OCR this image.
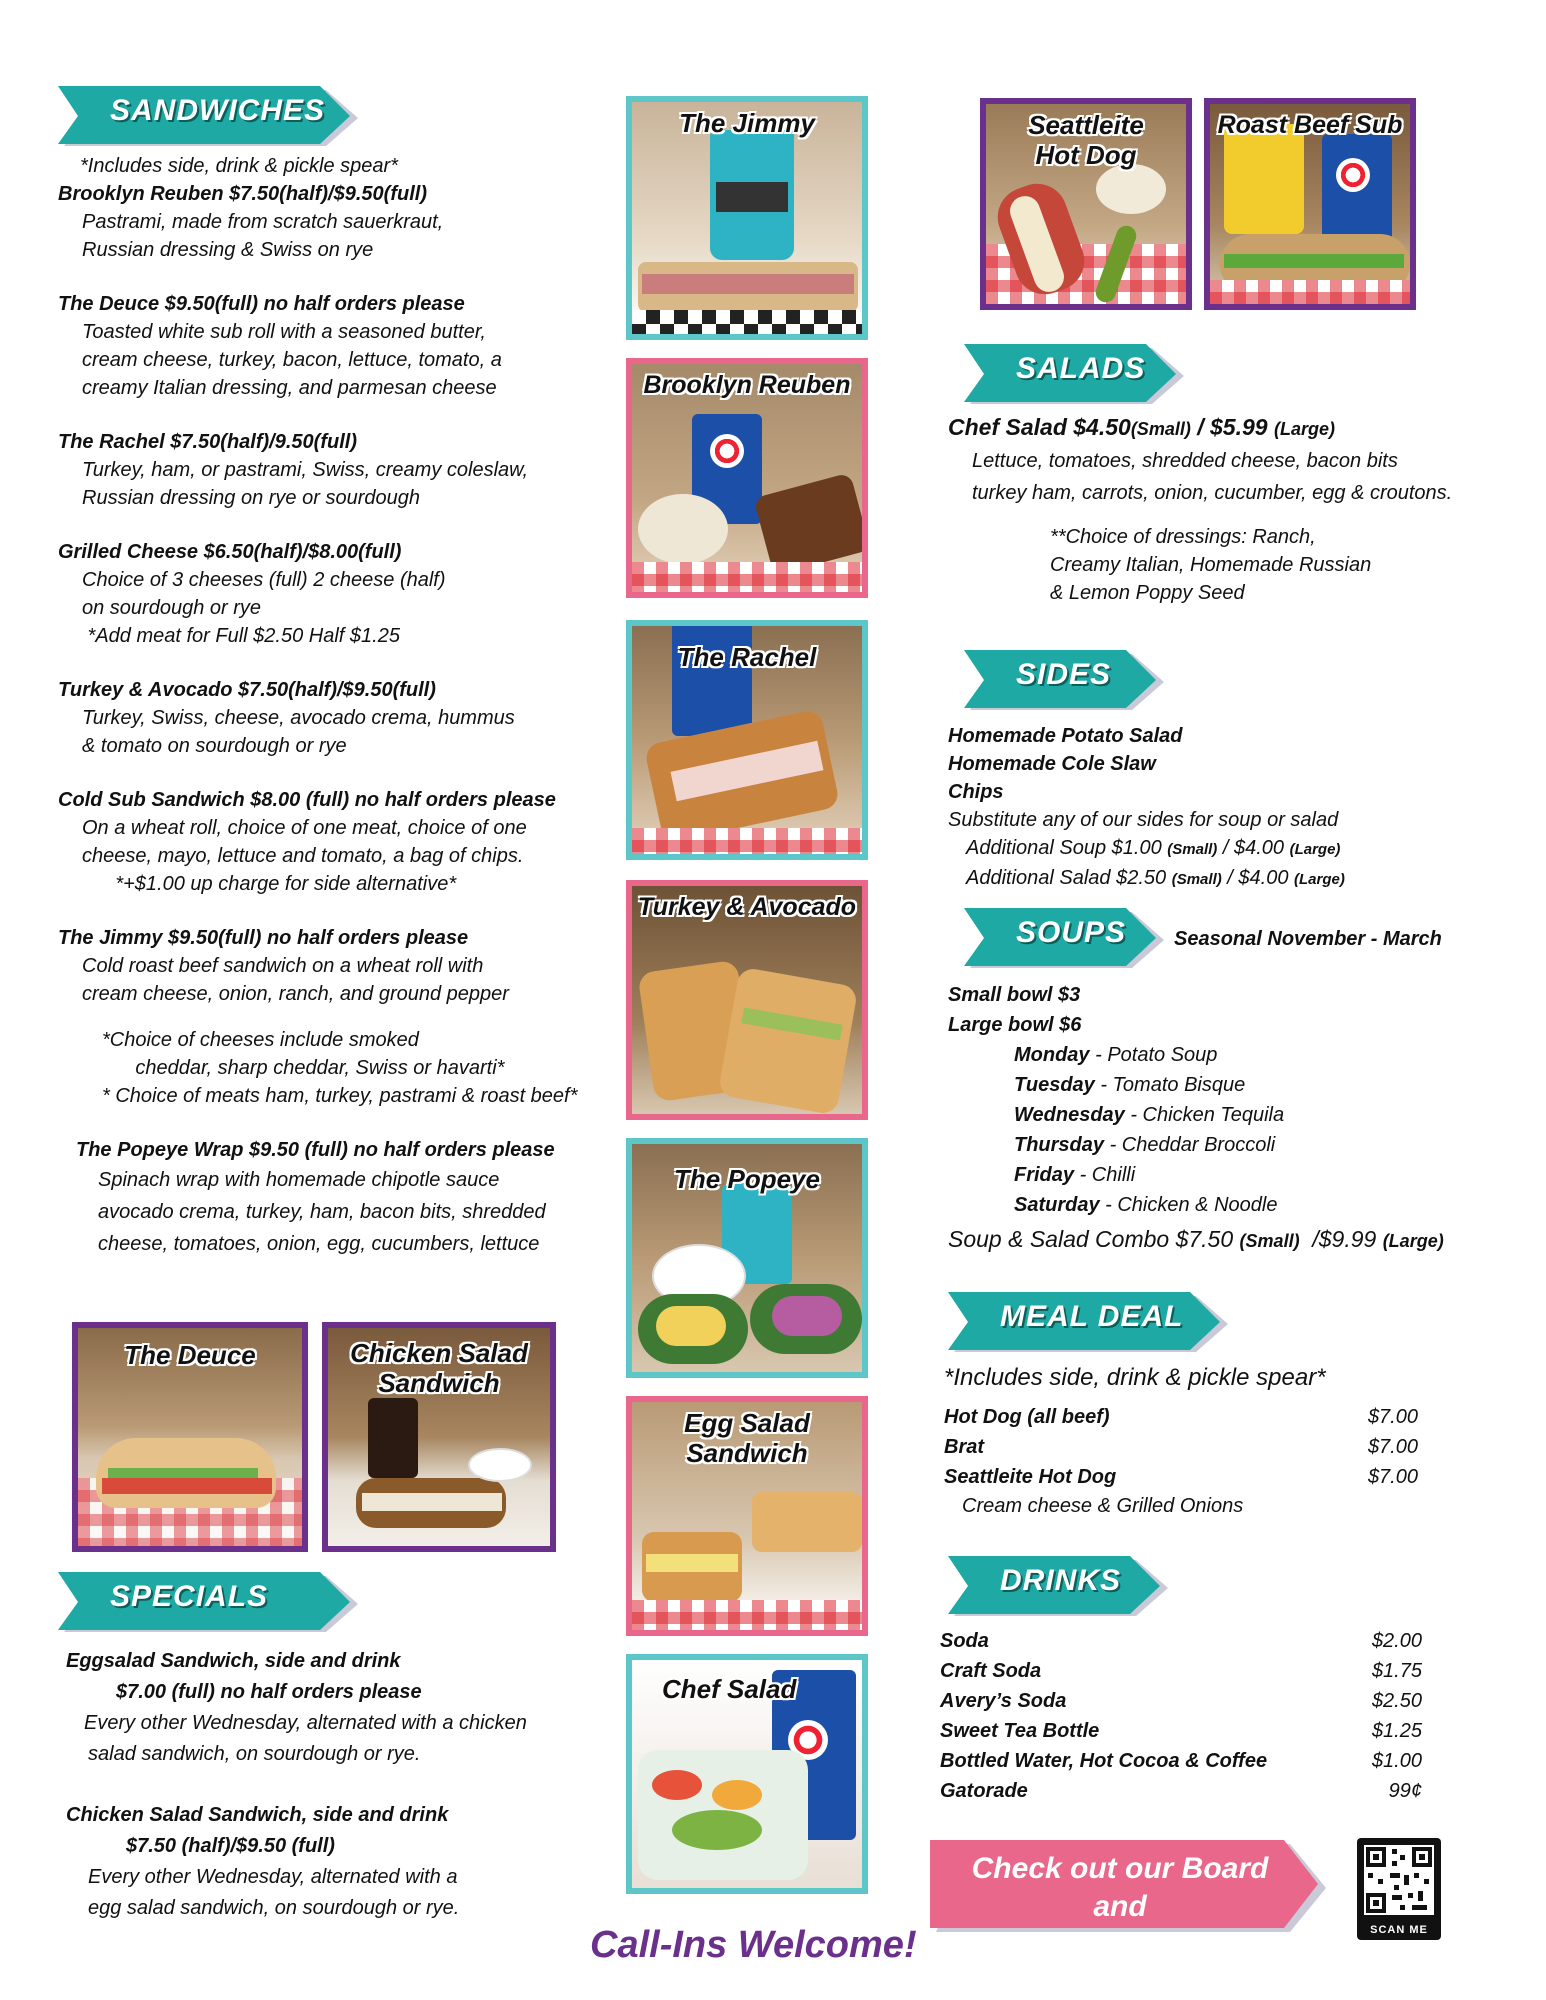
SANDWICHES
*Includes side, drink & pickle spear*
Brooklyn Reuben $7.50(half)/$9.50(full)
Pastrami, made from scratch sauerkraut,
Russian dressing & Swiss on rye
The Deuce $9.50(full) no half orders please
Toasted white sub roll with a seasoned butter,
cream cheese, turkey, bacon, lettuce, tomato, a
creamy Italian dressing, and parmesan cheese
The Rachel $7.50(half)/9.50(full)
Turkey, ham, or pastrami, Swiss, creamy coleslaw,
Russian dressing on rye or sourdough
Grilled Cheese $6.50(half)/$8.00(full)
Choice of 3 cheeses (full) 2 cheese (half)
on sourdough or rye
*Add meat for Full $2.50 Half $1.25
Turkey & Avocado $7.50(half)/$9.50(full)
Turkey, Swiss, cheese, avocado crema, hummus
& tomato on sourdough or rye
Cold Sub Sandwich $8.00 (full) no half orders please
On a wheat roll, choice of one meat, choice of one
cheese, mayo, lettuce and tomato, a bag of chips.
*+$1.00 up charge for side alternative*
The Jimmy $9.50(full) no half orders please
Cold roast beef sandwich on a wheat roll with
cream cheese, onion, ranch, and ground pepper
*Choice of cheeses include smoked
cheddar, sharp cheddar, Swiss or havarti*
* Choice of meats ham, turkey, pastrami & roast beef*
The Popeye Wrap $9.50 (full) no half orders please
Spinach wrap with homemade chipotle sauce
avocado crema, turkey, ham, bacon bits, shredded
cheese, tomatoes, onion, egg, cucumbers, lettuce
The Deuce	Chicken Salad Sandwich
SPECIALS
Eggsalad Sandwich, side and drink
$7.00 (full) no half orders please
Every other Wednesday, alternated with a chicken
salad sandwich, on sourdough or rye.
Chicken Salad Sandwich, side and drink
$7.50 (half)/$9.50 (full)
Every other Wednesday, alternated with a
egg salad sandwich, on sourdough or rye.
The Jimmy
Brooklyn Reuben
The Rachel
Turkey & Avocado
The Popeye
Egg Salad Sandwich
Chef Salad
Call-Ins Welcome!
Seattleite Hot Dog
Roast Beef Sub
SALADS
Chef Salad $4.50(Small) / $5.99 (Large)
Lettuce, tomatoes, shredded cheese, bacon bits
turkey ham, carrots, onion, cucumber, egg & croutons.
**Choice of dressings: Ranch,
Creamy Italian, Homemade Russian
& Lemon Poppy Seed
SIDES
Homemade Potato Salad
Homemade Cole Slaw
Chips
Substitute any of our sides for soup or salad
Additional Soup $1.00 (Small) / $4.00 (Large)
Additional Salad $2.50 (Small) / $4.00 (Large)
SOUPS Seasonal November - March
Small bowl $3
Large bowl $6
Monday - Potato Soup
Tuesday - Tomato Bisque
Wednesday - Chicken Tequila
Thursday - Cheddar Broccoli
Friday - Chilli
Saturday - Chicken & Noodle
Soup & Salad Combo $7.50 (Small)  /$9.99 (Large)
MEAL DEAL
*Includes side, drink & pickle spear*
Hot Dog (all beef)	$7.00
Brat	$7.00
Seattleite Hot Dog	$7.00
Cream cheese & Grilled Onions
DRINKS
Soda	$2.00
Craft Soda	$1.75
Avery’s Soda	$2.50
Sweet Tea Bottle	$1.25
Bottled Water, Hot Cocoa & Coffee	$1.00
Gatorade	99¢
Check out our Board and
Facebook for specials!	SCAN ME
